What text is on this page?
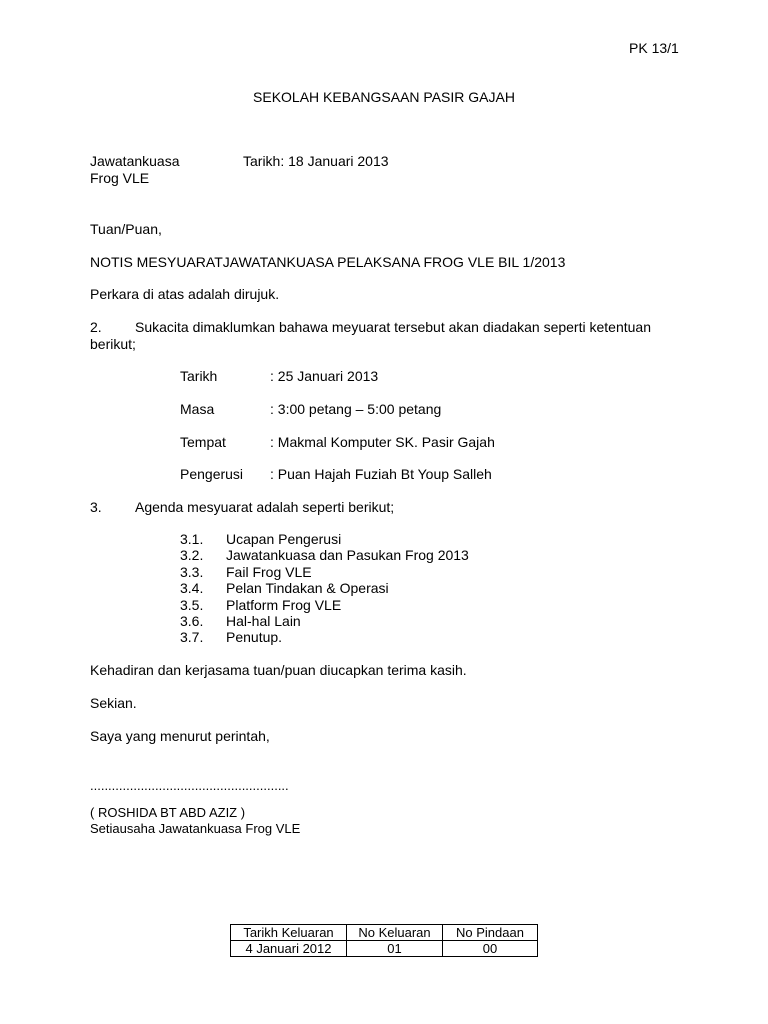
PK 13/1
SEKOLAH KEBANGSAAN PASIR GAJAH
Jawatankuasa
Frog VLE
Tarikh: 18 Januari 2013
Tuan/Puan,
NOTIS MESYUARATJAWATANKUASA PELAKSANA FROG VLE BIL 1/2013
Perkara di atas adalah dirujuk.
2. Sukacita dimaklumkan bahawa meyuarat tersebut akan diadakan seperti ketentuan
berikut;
Tarikh	: 25 Januari 2013
Masa	: 3:00 petang – 5:00 petang
Tempat	: Makmal Komputer SK. Pasir Gajah
Pengerusi : Puan Hajah Fuziah Bt Youp Salleh
3. Agenda mesyuarat adalah seperti berikut;
3.1. Ucapan Pengerusi
3.2. Jawatankuasa dan Pasukan Frog 2013
3.3. Fail Frog VLE
3.4. Pelan Tindakan & Operasi
3.5. Platform Frog VLE
3.6. Hal-hal Lain
3.7. Penutup.
Kehadiran dan kerjasama tuan/puan diucapkan terima kasih.
Sekian.
Saya yang menurut perintah,
.......................................................
( ROSHIDA BT ABD AZIZ )
Setiausaha Jawatankuasa Frog VLE
Tarikh Keluaran	No Keluaran	No Pindaan
4 Januari 2012	01	00
